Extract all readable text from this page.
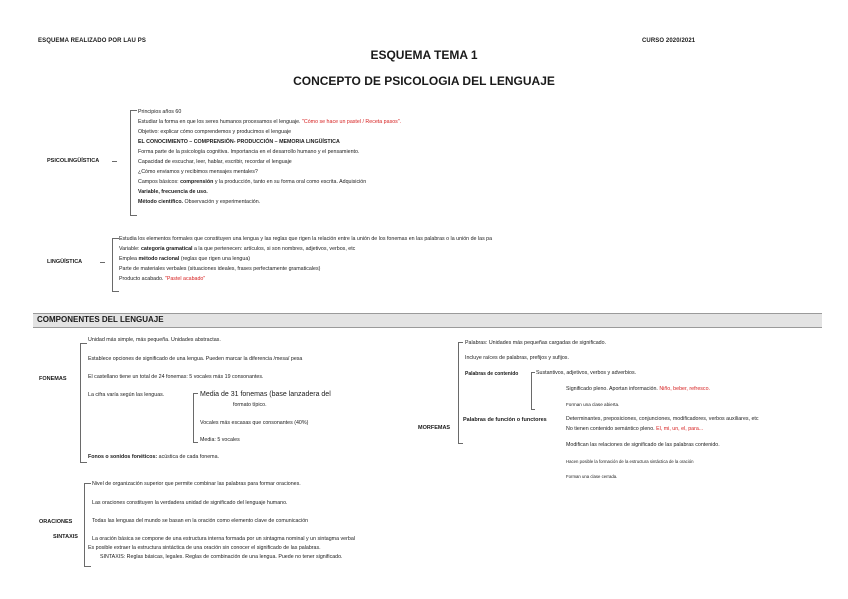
ESQUEMA REALIZADO POR LAU PS	CURSO 2020/2021
ESQUEMA TEMA 1
CONCEPTO DE PSICOLOGIA DEL LENGUAJE
PSICOLINGÜÍSTICA
Principios años 60
Estudiar la forma en que los seres humanos procesamos el lenguaje. "Cómo se hace un pastel / Receta pasos".
Objetivo: explicar cómo comprendemos y producimos el lenguaje
EL CONOCIMIENTO – COMPRENSIÓN- PRODUCCIÓN – MEMORIA LINGÜÍSTICA
Forma parte de la psicología cognitiva. Importancia en el desarrollo humano y el pensamiento.
Capacidad de escuchar, leer, hablar, escribir, recordar el lenguaje
¿Cómo enviamos y recibimos mensajes mentales?
Campos básicos: comprensión y la producción, tanto en su forma oral como escrita. Adquisición
Variable, frecuencia de uso.
Método científico. Observación y experimentación.
LINGÜÍSTICA
Estudia los elementos formales que constituyen una lengua y las reglas que rigen la relación entre la unión de los fonemas en las palabras o la unión de las pa
Variable: categoría gramatical a la que pertenecen: artículos, si son nombres, adjetivos, verbos, etc
Emplea método racional (reglas que rigen una lengua)
Parte de materiales verbales (situaciones ideales, frases perfectamente gramaticales)
Producto acabado. "Pastel acabado"
COMPONENTES DEL LENGUAJE
FONEMAS
Unidad más simple, más pequeña. Unidades abstractas.
Establece opciones de significado de una lengua. Pueden marcar la diferencia /mesa/ pesa
El castellano tiene un total de 24 fonemas: 5 vocales más 19 consonantes.
La cifra varía según las lenguas.	Media de 31 fonemas (base lanzadera del
formato típico.
Vocales más escasas que consonantes (40%)
Media: 5 vocales
Fonos o sonidos fonéticos: acústica de cada fonema.
ORACIONES
SINTAXIS
Nivel de organización superior que permite combinar las palabras para formar oraciones.
Las oraciones constituyen la verdadera unidad de significado del lenguaje humano.
Todas las lenguas del mundo se basan en la oración como elemento clave de comunicación
La oración básica se compone de una estructura interna formada por un sintagma nominal y un sintagma verbal
Es posible extraer la estructura sintáctica de una oración sin conocer el significado de las palabras.
SINTAXIS: Reglas básicas, legales. Reglas de combinación de una lengua. Puede no tener significado.
MORFEMAS
Palabras: Unidades más pequeñas cargadas de significado.
Incluye raíces de palabras, prefijos y sufijos.
Palabras de contenido	Sustantivos, adjetivos, verbos y adverbios.
Significado pleno. Aportan información. Niño, beber, refresco.
Forman una clase abierta.
Palabras de función o functores	Determinantes, preposiciones, conjunciones, modificadores, verbos auxiliares, etc
No tienen contenido semántico pleno. El, mi, un, el, para...
Modifican las relaciones de significado de las palabras contenido.
Hacen posible la formación de la estructura sintáctica de la oración
Forman una clase cerrada.
